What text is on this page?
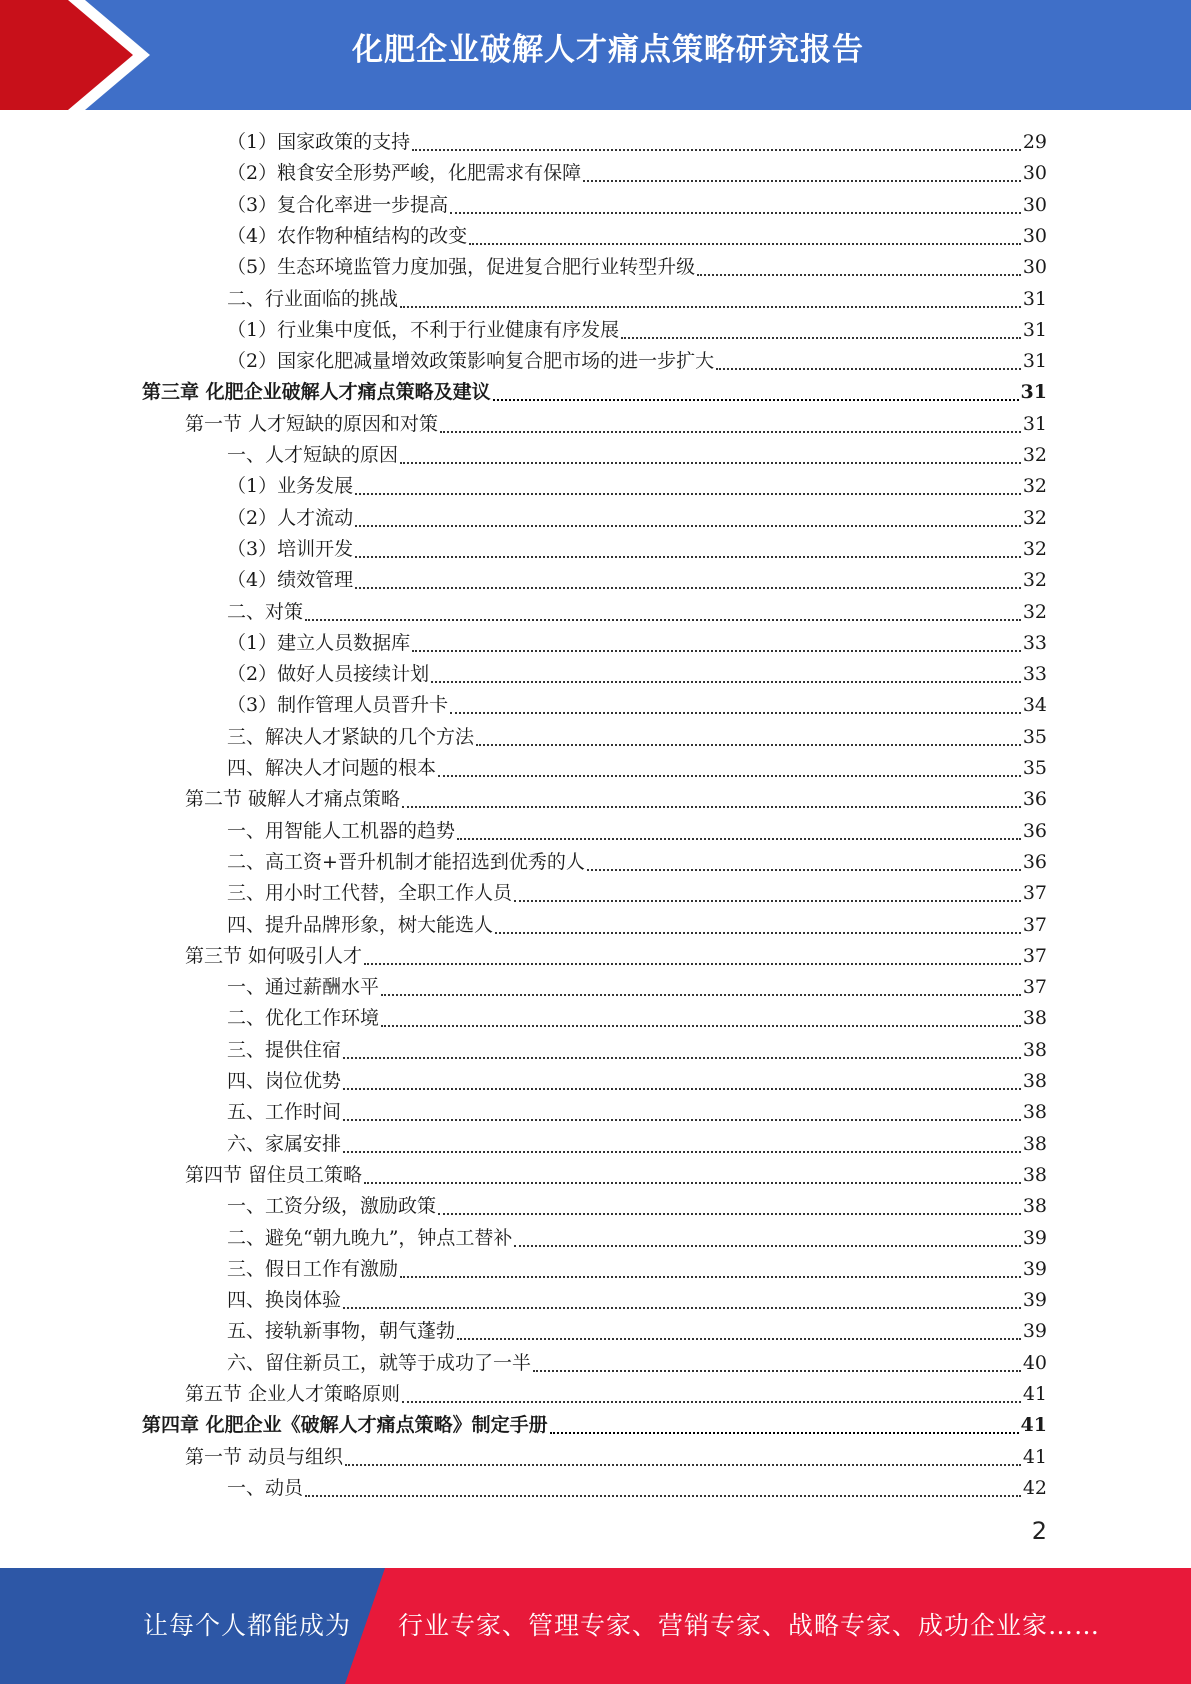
化肥企业破解人才痛点策略研究报告
（1）国家政策的支持	29
（2）粮食安全形势严峻，化肥需求有保障	30
（3）复合化率进一步提高	30
（4）农作物种植结构的改变	30
（5）生态环境监管力度加强，促进复合肥行业转型升级	30
二、行业面临的挑战	31
（1）行业集中度低，不利于行业健康有序发展	31
（2）国家化肥减量增效政策影响复合肥市场的进一步扩大	31
第三章 化肥企业破解人才痛点策略及建议	31
第一节 人才短缺的原因和对策	31
一、人才短缺的原因	32
（1）业务发展	32
（2）人才流动	32
（3）培训开发	32
（4）绩效管理	32
二、对策	32
（1）建立人员数据库	33
（2）做好人员接续计划	33
（3）制作管理人员晋升卡	34
三、解决人才紧缺的几个方法	35
四、解决人才问题的根本	35
第二节 破解人才痛点策略	36
一、用智能人工机器的趋势	36
二、高工资+晋升机制才能招选到优秀的人	36
三、用小时工代替，全职工作人员	37
四、提升品牌形象，树大能选人	37
第三节 如何吸引人才	37
一、通过薪酬水平	37
二、优化工作环境	38
三、提供住宿	38
四、岗位优势	38
五、工作时间	38
六、家属安排	38
第四节 留住员工策略	38
一、工资分级，激励政策	38
二、避免“朝九晚九”，钟点工替补	39
三、假日工作有激励	39
四、换岗体验	39
五、接轨新事物，朝气蓬勃	39
六、留住新员工，就等于成功了一半	40
第五节 企业人才策略原则	41
第四章 化肥企业《破解人才痛点策略》制定手册	41
第一节 动员与组织	41
一、动员	42
2
让每个人都能成为 行业专家、管理专家、营销专家、战略专家、成功企业家……
